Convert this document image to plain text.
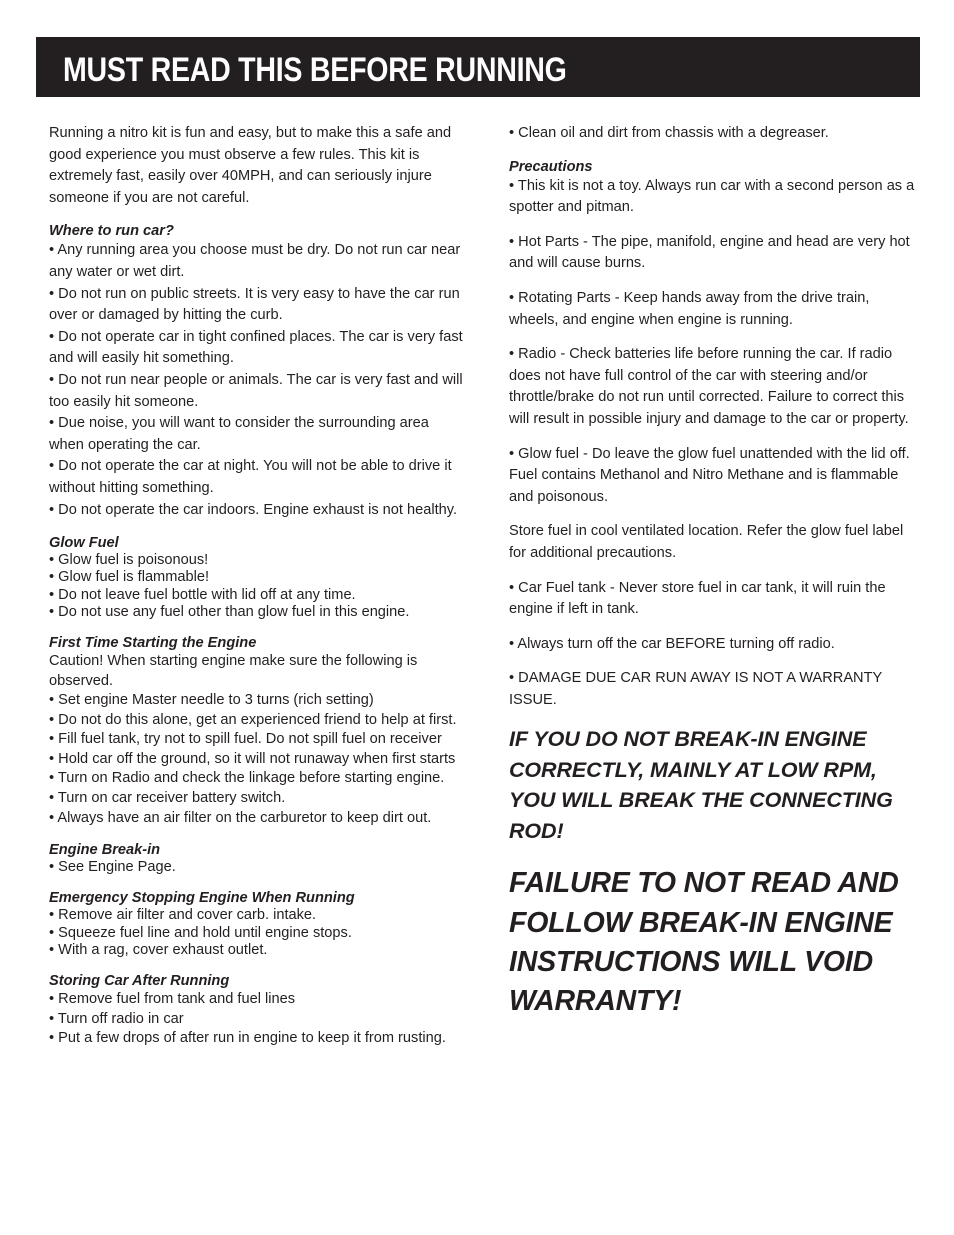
MUST READ THIS BEFORE RUNNING

Running a nitro kit is fun and easy, but to make this a safe and good experience you must observe a few rules. This kit is extremely fast, easily over 40MPH, and can seriously injure someone if you are not careful.

Where to run car?

• Any running area you choose must be dry. Do not run car near any water or wet dirt.

• Do not run on public streets. It is very easy to have the car run over or damaged by hitting the curb.

• Do not operate car in tight confined places. The car is very fast and will easily hit something.

• Do not run near people or animals. The car is very fast and will too easily hit someone.

• Due noise, you will want to consider the surrounding area when operating the car.

• Do not operate the car at night. You will not be able to drive it without hitting something.

• Do not operate the car indoors. Engine exhaust is not healthy.

Glow Fuel

• Glow fuel is poisonous!

• Glow fuel is flammable!

• Do not leave fuel bottle with lid off at any time.

• Do not use any fuel other than glow fuel in this engine.

First Time Starting the Engine

Caution! When starting engine make sure the following is observed.

• Set engine Master needle to 3 turns (rich setting)

• Do not do this alone, get an experienced friend to help at first.

• Fill fuel tank, try not to spill fuel. Do not spill fuel on receiver

• Hold car off the ground, so it will not runaway when first starts

• Turn on Radio and check the linkage before starting engine.

• Turn on car receiver battery switch.

• Always have an air filter on the carburetor to keep dirt out.

Engine Break-in

• See Engine Page.

Emergency Stopping Engine When Running

• Remove air filter and cover carb. intake.

• Squeeze fuel line and hold until engine stops.

• With a rag, cover exhaust outlet.

Storing Car After Running

• Remove fuel from tank and fuel lines

• Turn off radio in car

• Put a few drops of after run in engine to keep it from rusting.

• Clean oil and dirt from chassis with a degreaser.

Precautions

• This kit is not a toy. Always run car with a second person as a spotter and pitman.

• Hot Parts - The pipe, manifold, engine and head are very hot and will cause burns.

• Rotating Parts - Keep hands away from the drive train, wheels, and engine when engine is running.

• Radio - Check batteries life before running the car. If radio does not have full control of the car with steering and/or throttle/brake do not run until corrected. Failure to correct this will result in possible injury and damage to the car or property.

• Glow fuel - Do leave the glow fuel unattended with the lid off. Fuel contains Methanol and Nitro Methane and is flammable and poisonous.

Store fuel in cool ventilated location. Refer the glow fuel label for additional precautions.

• Car Fuel tank - Never store fuel in car tank, it will ruin the engine if left in tank.

• Always turn off the car BEFORE turning off radio.

• DAMAGE DUE CAR RUN AWAY IS NOT A WARRANTY ISSUE.

IF YOU DO NOT BREAK-IN ENGINE CORRECTLY, MAINLY AT LOW RPM, YOU WILL BREAK THE CONNECTING ROD!

FAILURE TO NOT READ AND FOLLOW BREAK-IN ENGINE INSTRUCTIONS WILL VOID WARRANTY!
